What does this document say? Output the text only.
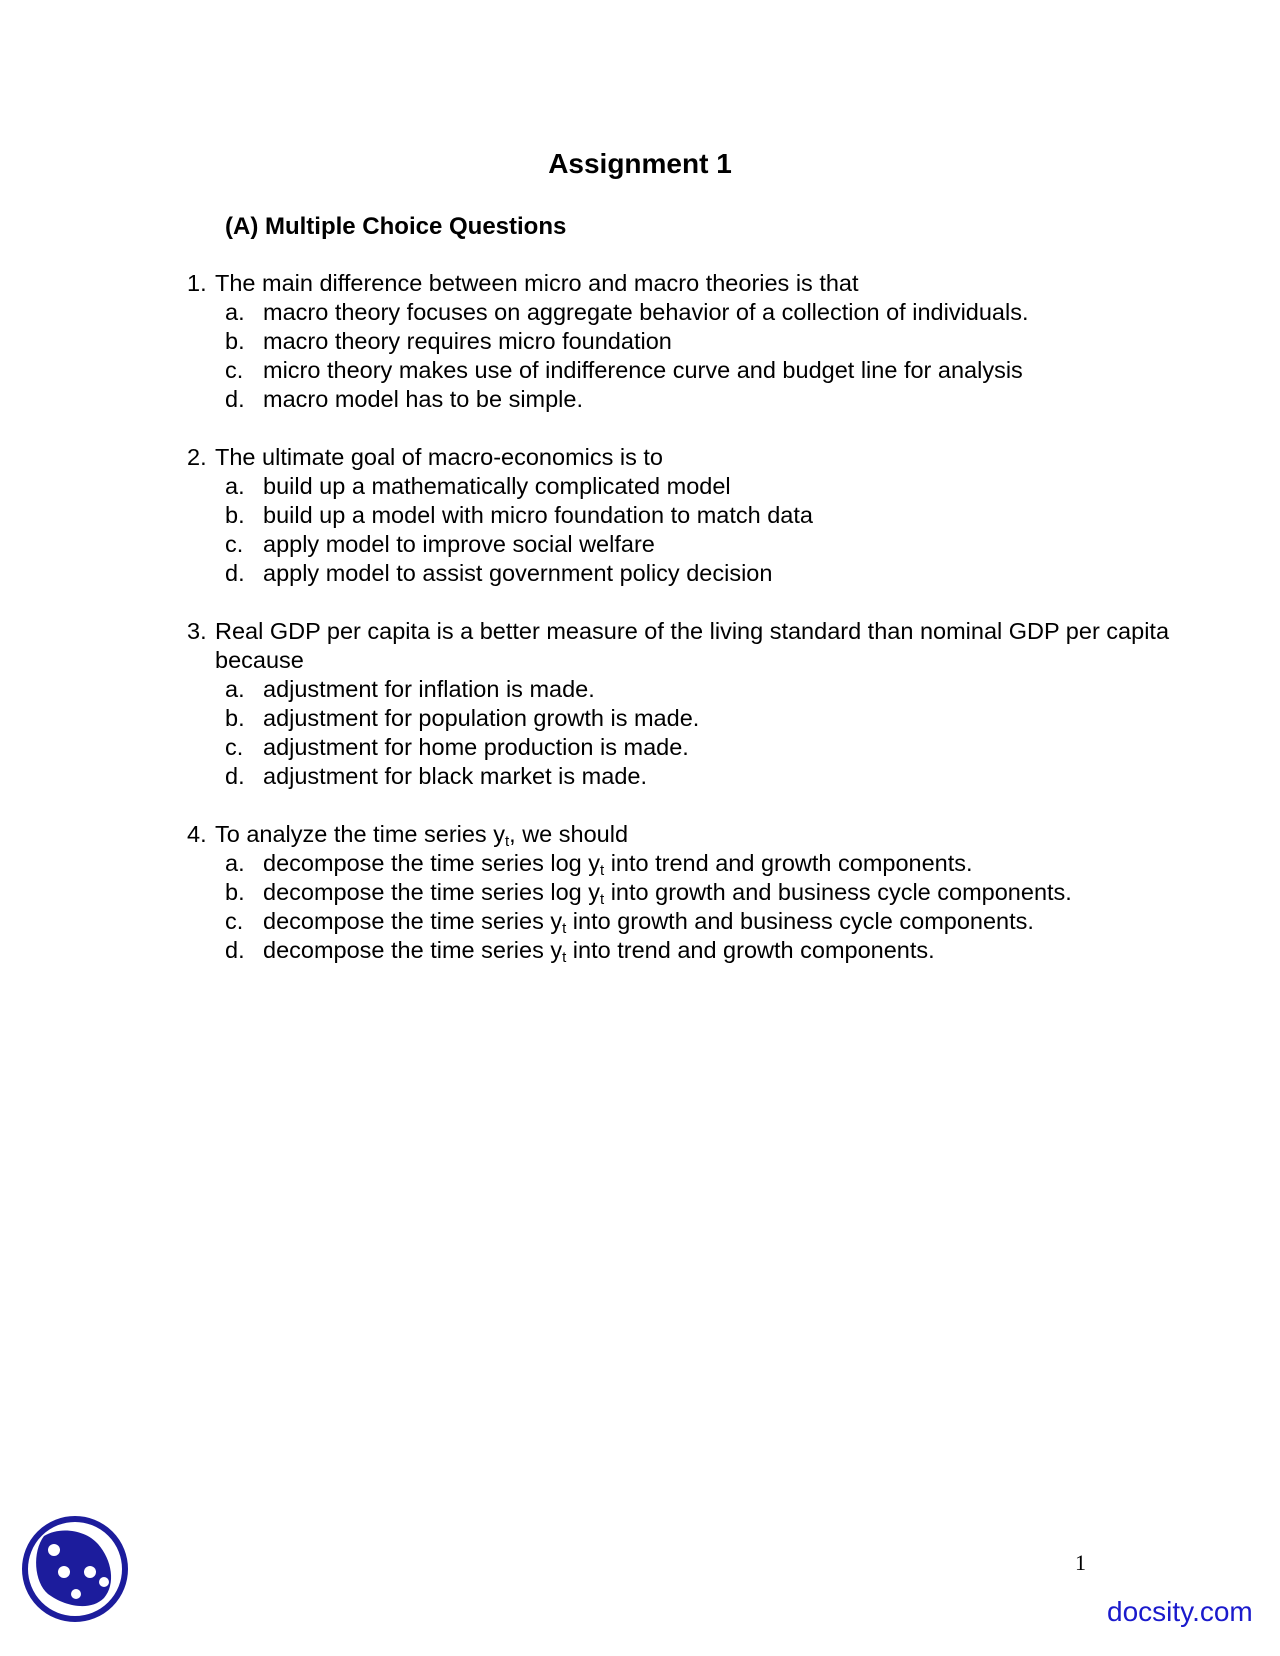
Assignment 1
(A) Multiple Choice Questions
1. The main difference between micro and macro theories is that
a. macro theory focuses on aggregate behavior of a collection of individuals.
b. macro theory requires micro foundation
c. micro theory makes use of indifference curve and budget line for analysis
d. macro model has to be simple.
2. The ultimate goal of macro-economics is to
a. build up a mathematically complicated model
b. build up a model with micro foundation to match data
c. apply model to improve social welfare
d. apply model to assist government policy decision
3. Real GDP per capita is a better measure of the living standard than nominal GDP per capita because
a. adjustment for inflation is made.
b. adjustment for population growth is made.
c. adjustment for home production is made.
d. adjustment for black market is made.
4. To analyze the time series $y_t$, we should
a. decompose the time series $\log y_t$ into trend and growth components.
b. decompose the time series $\log y_t$ into growth and business cycle components.
c. decompose the time series $y_t$ into growth and business cycle components.
d. decompose the time series $y_t$ into trend and growth components.
1
docsity.com
